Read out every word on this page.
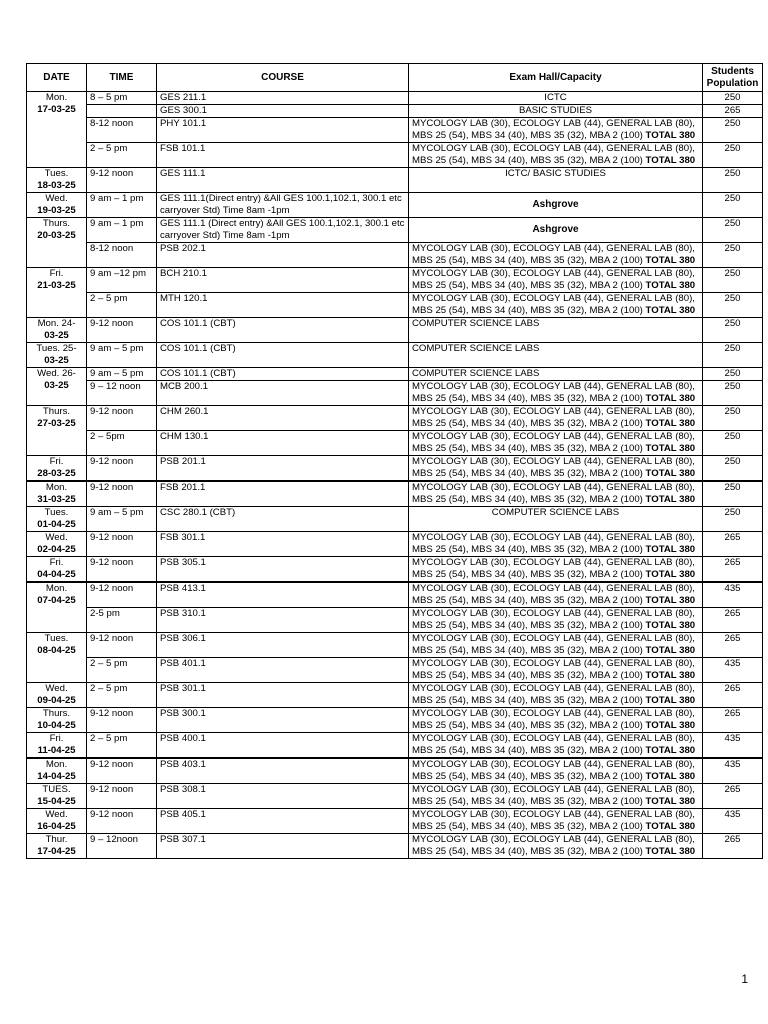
DATE	TIME	COURSE	Exam Hall/Capacity	Students
Population

Mon.
17-03-25	8 – 5 pm	GES 211.1	ICTC	250
		GES 300.1	BASIC STUDIES	265
	8-12 noon	PHY 101.1	MYCOLOGY LAB (30), ECOLOGY LAB (44), GENERAL LAB (80),
MBS 25 (54), MBS 34 (40), MBS 35 (32), MBA 2 (100) TOTAL 380	250
	2 – 5 pm	FSB 101.1	MYCOLOGY LAB (30), ECOLOGY LAB (44), GENERAL LAB (80),
MBS 25 (54), MBS 34 (40), MBS 35 (32), MBA 2 (100) TOTAL 380	250

Tues.
18-03-25	9-12 noon	GES 111.1	ICTC/ BASIC STUDIES	250

Wed.
19-03-25	9 am – 1 pm	GES 111.1(Direct entry) &All GES 100.1,102.1, 300.1 etc carryover Std) Time 8am -1pm	Ashgrove	250

Thurs.
20-03-25	9 am – 1 pm	GES 111.1 (Direct entry) &All GES 100.1,102.1, 300.1 etc carryover Std) Time 8am -1pm	Ashgrove	250
	8-12 noon	PSB 202.1	MYCOLOGY LAB (30), ECOLOGY LAB (44), GENERAL LAB (80),
MBS 25 (54), MBS 34 (40), MBS 35 (32), MBA 2 (100) TOTAL 380	250

Fri.
21-03-25	9 am –12 pm	BCH 210.1	MYCOLOGY LAB (30), ECOLOGY LAB (44), GENERAL LAB (80),
MBS 25 (54), MBS 34 (40), MBS 35 (32), MBA 2 (100) TOTAL 380	250
	2 – 5 pm	MTH 120.1	MYCOLOGY LAB (30), ECOLOGY LAB (44), GENERAL LAB (80),
MBS 25 (54), MBS 34 (40), MBS 35 (32), MBA 2 (100) TOTAL 380	250

Mon. 24-
03-25	9-12 noon	COS 101.1 (CBT)	COMPUTER SCIENCE LABS	250

Tues. 25-
03-25	9 am – 5 pm	COS 101.1 (CBT)	COMPUTER SCIENCE LABS	250

Wed. 26-
03-25	9 am – 5 pm	COS 101.1 (CBT)	COMPUTER SCIENCE LABS	250
	9 – 12 noon	MCB 200.1	MYCOLOGY LAB (30), ECOLOGY LAB (44), GENERAL LAB (80),
MBS 25 (54), MBS 34 (40), MBS 35 (32), MBA 2 (100) TOTAL 380	250

Thurs.
27-03-25	9-12 noon	CHM 260.1	MYCOLOGY LAB (30), ECOLOGY LAB (44), GENERAL LAB (80),
MBS 25 (54), MBS 34 (40), MBS 35 (32), MBA 2 (100) TOTAL 380	250
	2 – 5pm	CHM 130.1	MYCOLOGY LAB (30), ECOLOGY LAB (44), GENERAL LAB (80),
MBS 25 (54), MBS 34 (40), MBS 35 (32), MBA 2 (100) TOTAL 380	250

Fri.
28-03-25	9-12 noon	PSB 201.1	MYCOLOGY LAB (30), ECOLOGY LAB (44), GENERAL LAB (80),
MBS 25 (54), MBS 34 (40), MBS 35 (32), MBA 2 (100) TOTAL 380	250

Mon.
31-03-25	9-12 noon	FSB 201.1	MYCOLOGY LAB (30), ECOLOGY LAB (44), GENERAL LAB (80),
MBS 25 (54), MBS 34 (40), MBS 35 (32), MBA 2 (100) TOTAL 380	250

Tues.
01-04-25	9 am – 5 pm	CSC 280.1 (CBT)	COMPUTER SCIENCE LABS	250

Wed.
02-04-25	9-12 noon	FSB 301.1	MYCOLOGY LAB (30), ECOLOGY LAB (44), GENERAL LAB (80),
MBS 25 (54), MBS 34 (40), MBS 35 (32), MBA 2 (100) TOTAL 380	265

Fri.
04-04-25	9-12 noon	PSB 305.1	MYCOLOGY LAB (30), ECOLOGY LAB (44), GENERAL LAB (80),
MBS 25 (54), MBS 34 (40), MBS 35 (32), MBA 2 (100) TOTAL 380	265

Mon.
07-04-25	9-12 noon	PSB 413.1	MYCOLOGY LAB (30), ECOLOGY LAB (44), GENERAL LAB (80),
MBS 25 (54), MBS 34 (40), MBS 35 (32), MBA 2 (100) TOTAL 380	435
	2-5 pm	PSB 310.1	MYCOLOGY LAB (30), ECOLOGY LAB (44), GENERAL LAB (80),
MBS 25 (54), MBS 34 (40), MBS 35 (32), MBA 2 (100) TOTAL 380	265

Tues.
08-04-25	9-12 noon	PSB 306.1	MYCOLOGY LAB (30), ECOLOGY LAB (44), GENERAL LAB (80),
MBS 25 (54), MBS 34 (40), MBS 35 (32), MBA 2 (100) TOTAL 380	265
	2 – 5 pm	PSB 401.1	MYCOLOGY LAB (30), ECOLOGY LAB (44), GENERAL LAB (80),
MBS 25 (54), MBS 34 (40), MBS 35 (32), MBA 2 (100) TOTAL 380	435

Wed.
09-04-25	2 – 5 pm	PSB 301.1	MYCOLOGY LAB (30), ECOLOGY LAB (44), GENERAL LAB (80),
MBS 25 (54), MBS 34 (40), MBS 35 (32), MBA 2 (100) TOTAL 380	265

Thurs.
10-04-25	9-12 noon	PSB 300.1	MYCOLOGY LAB (30), ECOLOGY LAB (44), GENERAL LAB (80),
MBS 25 (54), MBS 34 (40), MBS 35 (32), MBA 2 (100) TOTAL 380	265

Fri.
11-04-25	2 – 5 pm	PSB 400.1	MYCOLOGY LAB (30), ECOLOGY LAB (44), GENERAL LAB (80),
MBS 25 (54), MBS 34 (40), MBS 35 (32), MBA 2 (100) TOTAL 380	435

Mon.
14-04-25	9-12 noon	PSB 403.1	MYCOLOGY LAB (30), ECOLOGY LAB (44), GENERAL LAB (80),
MBS 25 (54), MBS 34 (40), MBS 35 (32), MBA 2 (100) TOTAL 380	435

TUES.
15-04-25	9-12 noon	PSB 308.1	MYCOLOGY LAB (30), ECOLOGY LAB (44), GENERAL LAB (80),
MBS 25 (54), MBS 34 (40), MBS 35 (32), MBA 2 (100) TOTAL 380	265

Wed.
16-04-25	9-12 noon	PSB 405.1	MYCOLOGY LAB (30), ECOLOGY LAB (44), GENERAL LAB (80),
MBS 25 (54), MBS 34 (40), MBS 35 (32), MBA 2 (100) TOTAL 380	435

Thur.
17-04-25	9 – 12noon	PSB 307.1	MYCOLOGY LAB (30), ECOLOGY LAB (44), GENERAL LAB (80),
MBS 25 (54), MBS 34 (40), MBS 35 (32), MBA 2 (100) TOTAL 380	265
1
